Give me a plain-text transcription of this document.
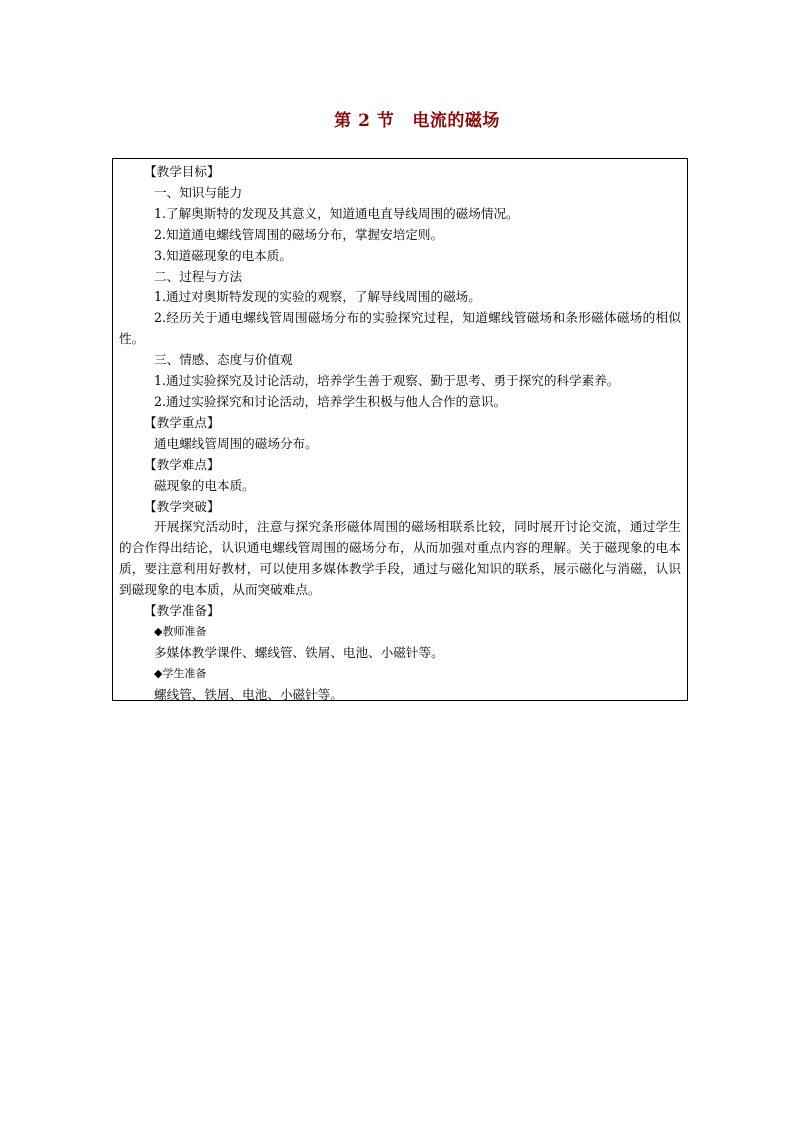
第 2 节 电流的磁场
【教学目标】
一、知识与能力
1.了解奥斯特的发现及其意义，知道通电直导线周围的磁场情况。
2.知道通电螺线管周围的磁场分布，掌握安培定则。
3.知道磁现象的电本质。
二、过程与方法
1.通过对奥斯特发现的实验的观察，了解导线周围的磁场。
2.经历关于通电螺线管周围磁场分布的实验探究过程，知道螺线管磁场和条形磁体磁场的相似性。
三、情感、态度与价值观
1.通过实验探究及讨论活动，培养学生善于观察、勤于思考、勇于探究的科学素养。
2.通过实验探究和讨论活动，培养学生积极与他人合作的意识。
【教学重点】
通电螺线管周围的磁场分布。
【教学难点】
磁现象的电本质。
【教学突破】
开展探究活动时，注意与探究条形磁体周围的磁场相联系比较，同时展开讨论交流，通过学生的合作得出结论，认识通电螺线管周围的磁场分布，从而加强对重点内容的理解。关于磁现象的电本质，要注意利用好教材，可以使用多媒体教学手段，通过与磁化知识的联系，展示磁化与消磁，认识到磁现象的电本质，从而突破难点。
【教学准备】
◆教师准备
多媒体教学课件、螺线管、铁屑、电池、小磁针等。
◆学生准备
螺线管、铁屑、电池、小磁针等。
